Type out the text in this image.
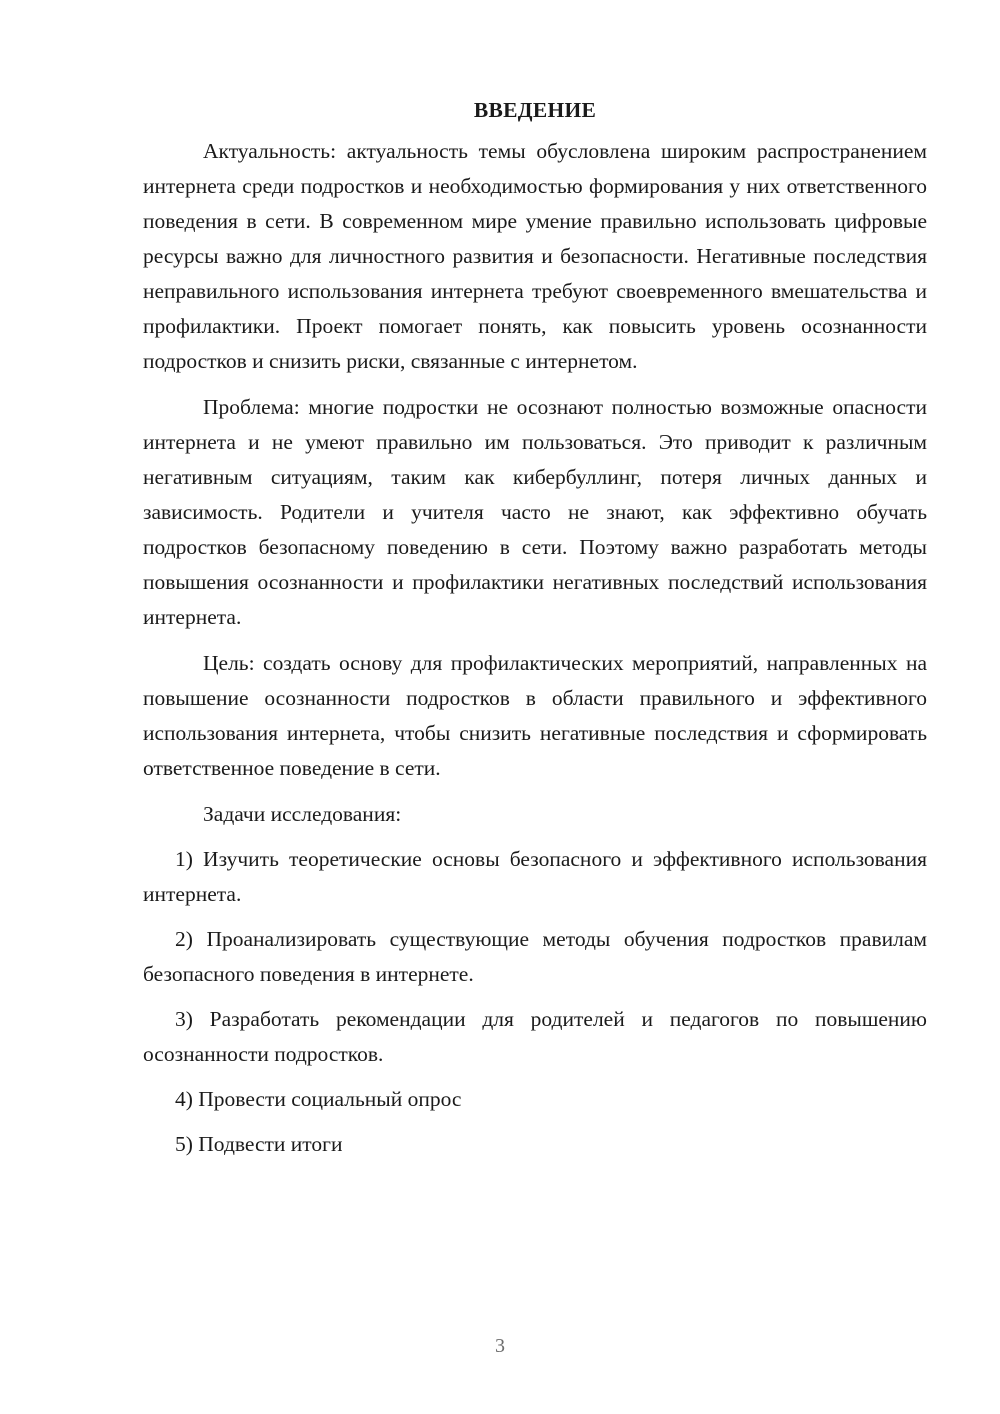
ВВЕДЕНИЕ

Актуальность: актуальность темы обусловлена широким распространением интернета среди подростков и необходимостью формирования у них ответственного поведения в сети. В современном мире умение правильно использовать цифровые ресурсы важно для личностного развития и безопасности. Негативные последствия неправильного использования интернета требуют своевременного вмешательства и профилактики. Проект помогает понять, как повысить уровень осознанности подростков и снизить риски, связанные с интернетом.

Проблема: многие подростки не осознают полностью возможные опасности интернета и не умеют правильно им пользоваться. Это приводит к различным негативным ситуациям, таким как кибербуллинг, потеря личных данных и зависимость. Родители и учителя часто не знают, как эффективно обучать подростков безопасному поведению в сети. Поэтому важно разработать методы повышения осознанности и профилактики негативных последствий использования интернета.

Цель: создать основу для профилактических мероприятий, направленных на повышение осознанности подростков в области правильного и эффективного использования интернета, чтобы снизить негативные последствия и сформировать ответственное поведение в сети.

Задачи исследования:

1) Изучить теоретические основы безопасного и эффективного использования интернета.
2) Проанализировать существующие методы обучения подростков правилам безопасного поведения в интернете.
3) Разработать рекомендации для родителей и педагогов по повышению осознанности подростков.
4) Провести социальный опрос
5) Подвести итоги
3
